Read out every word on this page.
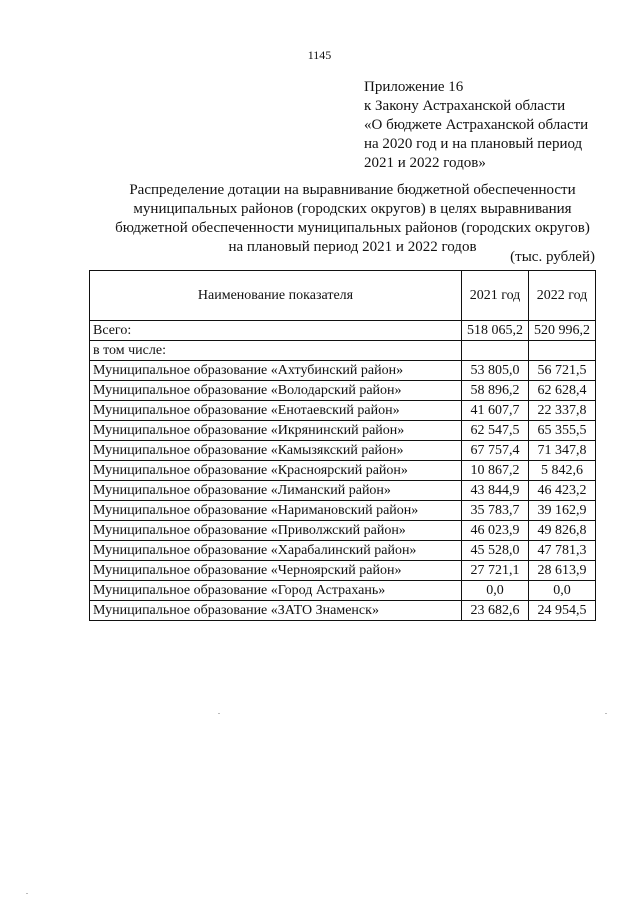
1145
Приложение 16
к Закону Астраханской области
«О бюджете Астраханской области
на 2020 год и на плановый период
2021 и 2022 годов»
Распределение дотации на выравнивание бюджетной обеспеченности
муниципальных районов (городских округов) в целях выравнивания
бюджетной обеспеченности муниципальных районов (городских округов)
на плановый период 2021 и 2022 годов
(тыс. рублей)
Наименование показателя	2021 год	2022 год
Всего:	518 065,2	520 996,2
в том числе:		
Муниципальное образование «Ахтубинский район»	53 805,0	56 721,5
Муниципальное образование «Володарский район»	58 896,2	62 628,4
Муниципальное образование «Енотаевский район»	41 607,7	22 337,8
Муниципальное образование «Икрянинский район»	62 547,5	65 355,5
Муниципальное образование «Камызякский район»	67 757,4	71 347,8
Муниципальное образование «Красноярский район»	10 867,2	5 842,6
Муниципальное образование «Лиманский район»	43 844,9	46 423,2
Муниципальное образование «Наримановский район»	35 783,7	39 162,9
Муниципальное образование «Приволжский район»	46 023,9	49 826,8
Муниципальное образование «Харабалинский район»	45 528,0	47 781,3
Муниципальное образование «Черноярский район»	27 721,1	28 613,9
Муниципальное образование «Город Астрахань»	0,0	0,0
Муниципальное образование «ЗАТО Знаменск»	23 682,6	24 954,5
